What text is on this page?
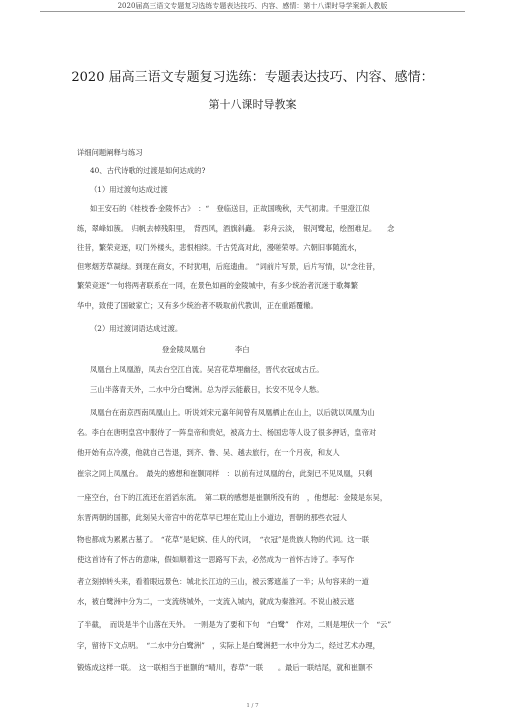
2020届高三语文专题复习选练专题表达技巧、内容、感情：第十八课时导学案新人教版
2020 届高三语文专题复习选练：专题表达技巧、内容、感情：
第十八课时导教案
详细问题阐释与练习
40、古代诗歌的过渡是如何达成的?
（1）用过渡句达成过渡
如王安石的《桂枝香·金陵怀古》　：“　登临送目，正故国晚秋，天气初肃。千里澄江似
练，翠峰如簇。　归帆去棹残阳里，　背西风，酒旗斜矗。　彩舟云淡，　银河鹭起，绘图难足。　　念
往昔，繁荣竞逐，叹门外楼头，悲恨相续。千古凭高对此，漫嗟荣辱。六朝旧事随流水，
但寒烟芳草凝绿。到现在商女，不时犹唱，后庭遗曲。　”词前片写景，后片写情，以“念往昔，
繁荣竞逐”一句将两者联系在一同，在景色如画的金陵城中，有多少统治者沉迷于歌舞繁
华中，致使了国破家亡；又有多少统治者不吸取前代教训，正在重蹈覆辙。
（2）用过渡词语达成过渡。
登金陵凤凰台　　　　李白
凤凰台上凤凰游，凤去台空江自流。吴宫花草埋幽径，晋代衣冠成古丘。
三山半落青天外，二水中分白鹭洲。总为浮云能蔽日，长安不见令人愁。
凤凰台在南京西南凤凰山上。听说刘宋元嘉年间曾有凤凰栖止在山上，以后就以凤凰为山
名。李白在唐明皇宫中服侍了一阵皇帝和贵妃，被高力士、杨国忠等人设了很多押话，皇帝对
他开始有点冷漠，他就自己告退，到齐、鲁、吴、越去旅行，在一个月夜，和友人
崔宗之同上凤凰台。　最先的感想和崔颢同样　：以前有过凤凰的台，此刻已不见凤凰，只剩
一座空台，台下的江流还在滔滔东流。　第二联的感想是崔颢所没有的　，他想起：金陵是东吴，
东晋两朝的国都，此刻吴大帝宫中的花草早已埋在荒山上小道边，晋朝的那些衣冠人
物也都成为累累古墓了。　“花草”是妃嫔、佳人的代词，　“衣冠”是贵族人物的代词。这一联
使这首诗有了怀古的意味，假如顺着这一思路写下去，必然成为一首怀古诗了。李写作
者立刻掉转头来，看着眼远景色：城北长江边的三山，被云雾遮盖了一半；从句容来的一道
水，被白鹭洲中分为二，一支流绕城外，一支流入城内，就成为秦淮河。不说山被云遮
了半截，　而说是半个山落在天外。　一则是为了要和下句　“白鹭”　作对，二则是埋伏一个　“云”
字，留待下文点明。　“二水中分白鹭洲”　，实际上是白鹭洲把一水中分为二，经过艺术办理，
锻炼成这样一联。　这一联相当于崔颢的“晴川，春草”一联　　。最后一联结尾，就和崔颢不
1 / 7
